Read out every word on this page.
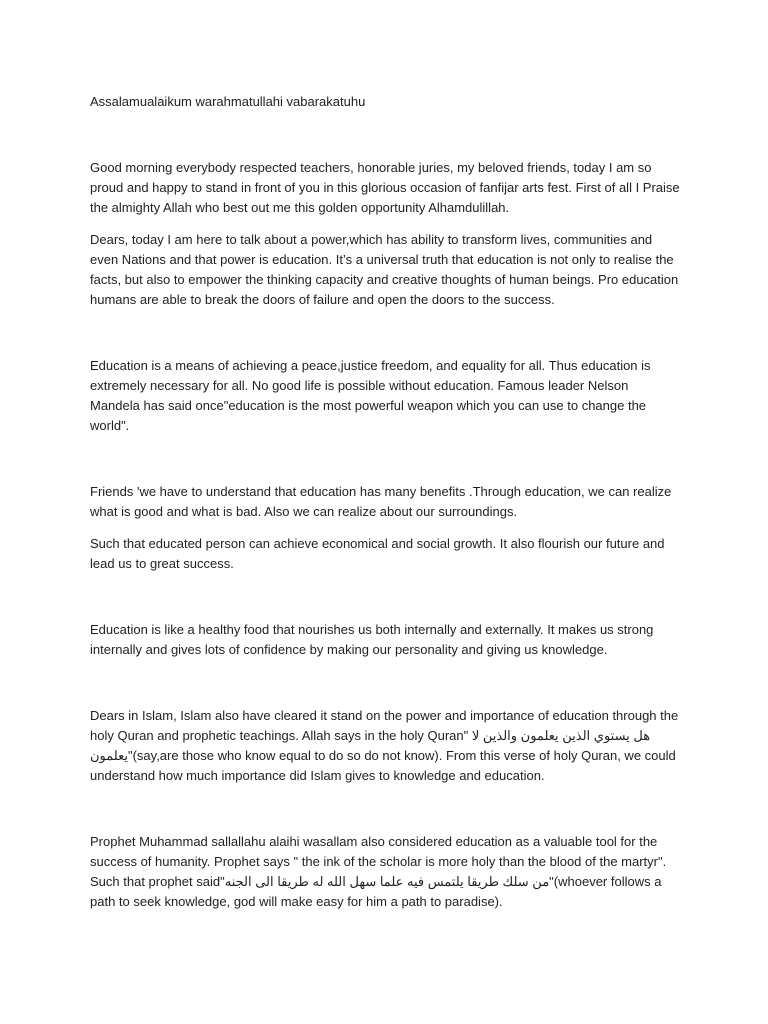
Assalamualaikum warahmatullahi vabarakatuhu

Good morning everybody respected teachers, honorable juries, my beloved friends, today I am so proud and happy to stand in front of you in this glorious occasion of fanfijar arts fest. First of all I Praise the almighty Allah who best out me this golden opportunity Alhamdulillah.

Dears, today I am here to talk about a power,which has ability to transform lives, communities and even Nations and that power is education. It’s a universal truth that education is not only to realise the facts, but also to empower the thinking capacity and creative thoughts of human beings. Pro education humans are able to break the doors of failure and open the doors to the success.

Education is a means of achieving a peace,justice freedom, and equality for all. Thus education is extremely necessary for all. No good life is possible without education. Famous leader Nelson Mandela has said once"education is the most powerful weapon which you can use to change the world".

Friends 'we have to understand that education has many benefits .Through education, we can realize what is good and what is bad. Also we can realize about our surroundings.

Such that educated person can achieve economical and social growth. It also flourish our future and lead us to great success.

Education is like a healthy food that nourishes us both internally and externally. It makes us strong internally and gives lots of confidence by making our personality and giving us knowledge.

Dears in Islam, Islam also have cleared it stand on the power and importance of education through the holy Quran and prophetic teachings. Allah says in the holy Quran" هل يستوي الذين يعلمون والذين لا يعلمون"(say,are those who know equal to do so do not know). From this verse of holy Quran, we could understand how much importance did Islam gives to knowledge and education.

Prophet Muhammad sallallahu alaihi wasallam also considered education as a valuable tool for the success of humanity. Prophet says " the ink of the scholar is more holy than the blood of the martyr". Such that prophet said"من سلك طريقا يلتمس فيه علما سهل الله له طريقا الى الجنه"(whoever follows a path to seek knowledge, god will make easy for him a path to paradise).
